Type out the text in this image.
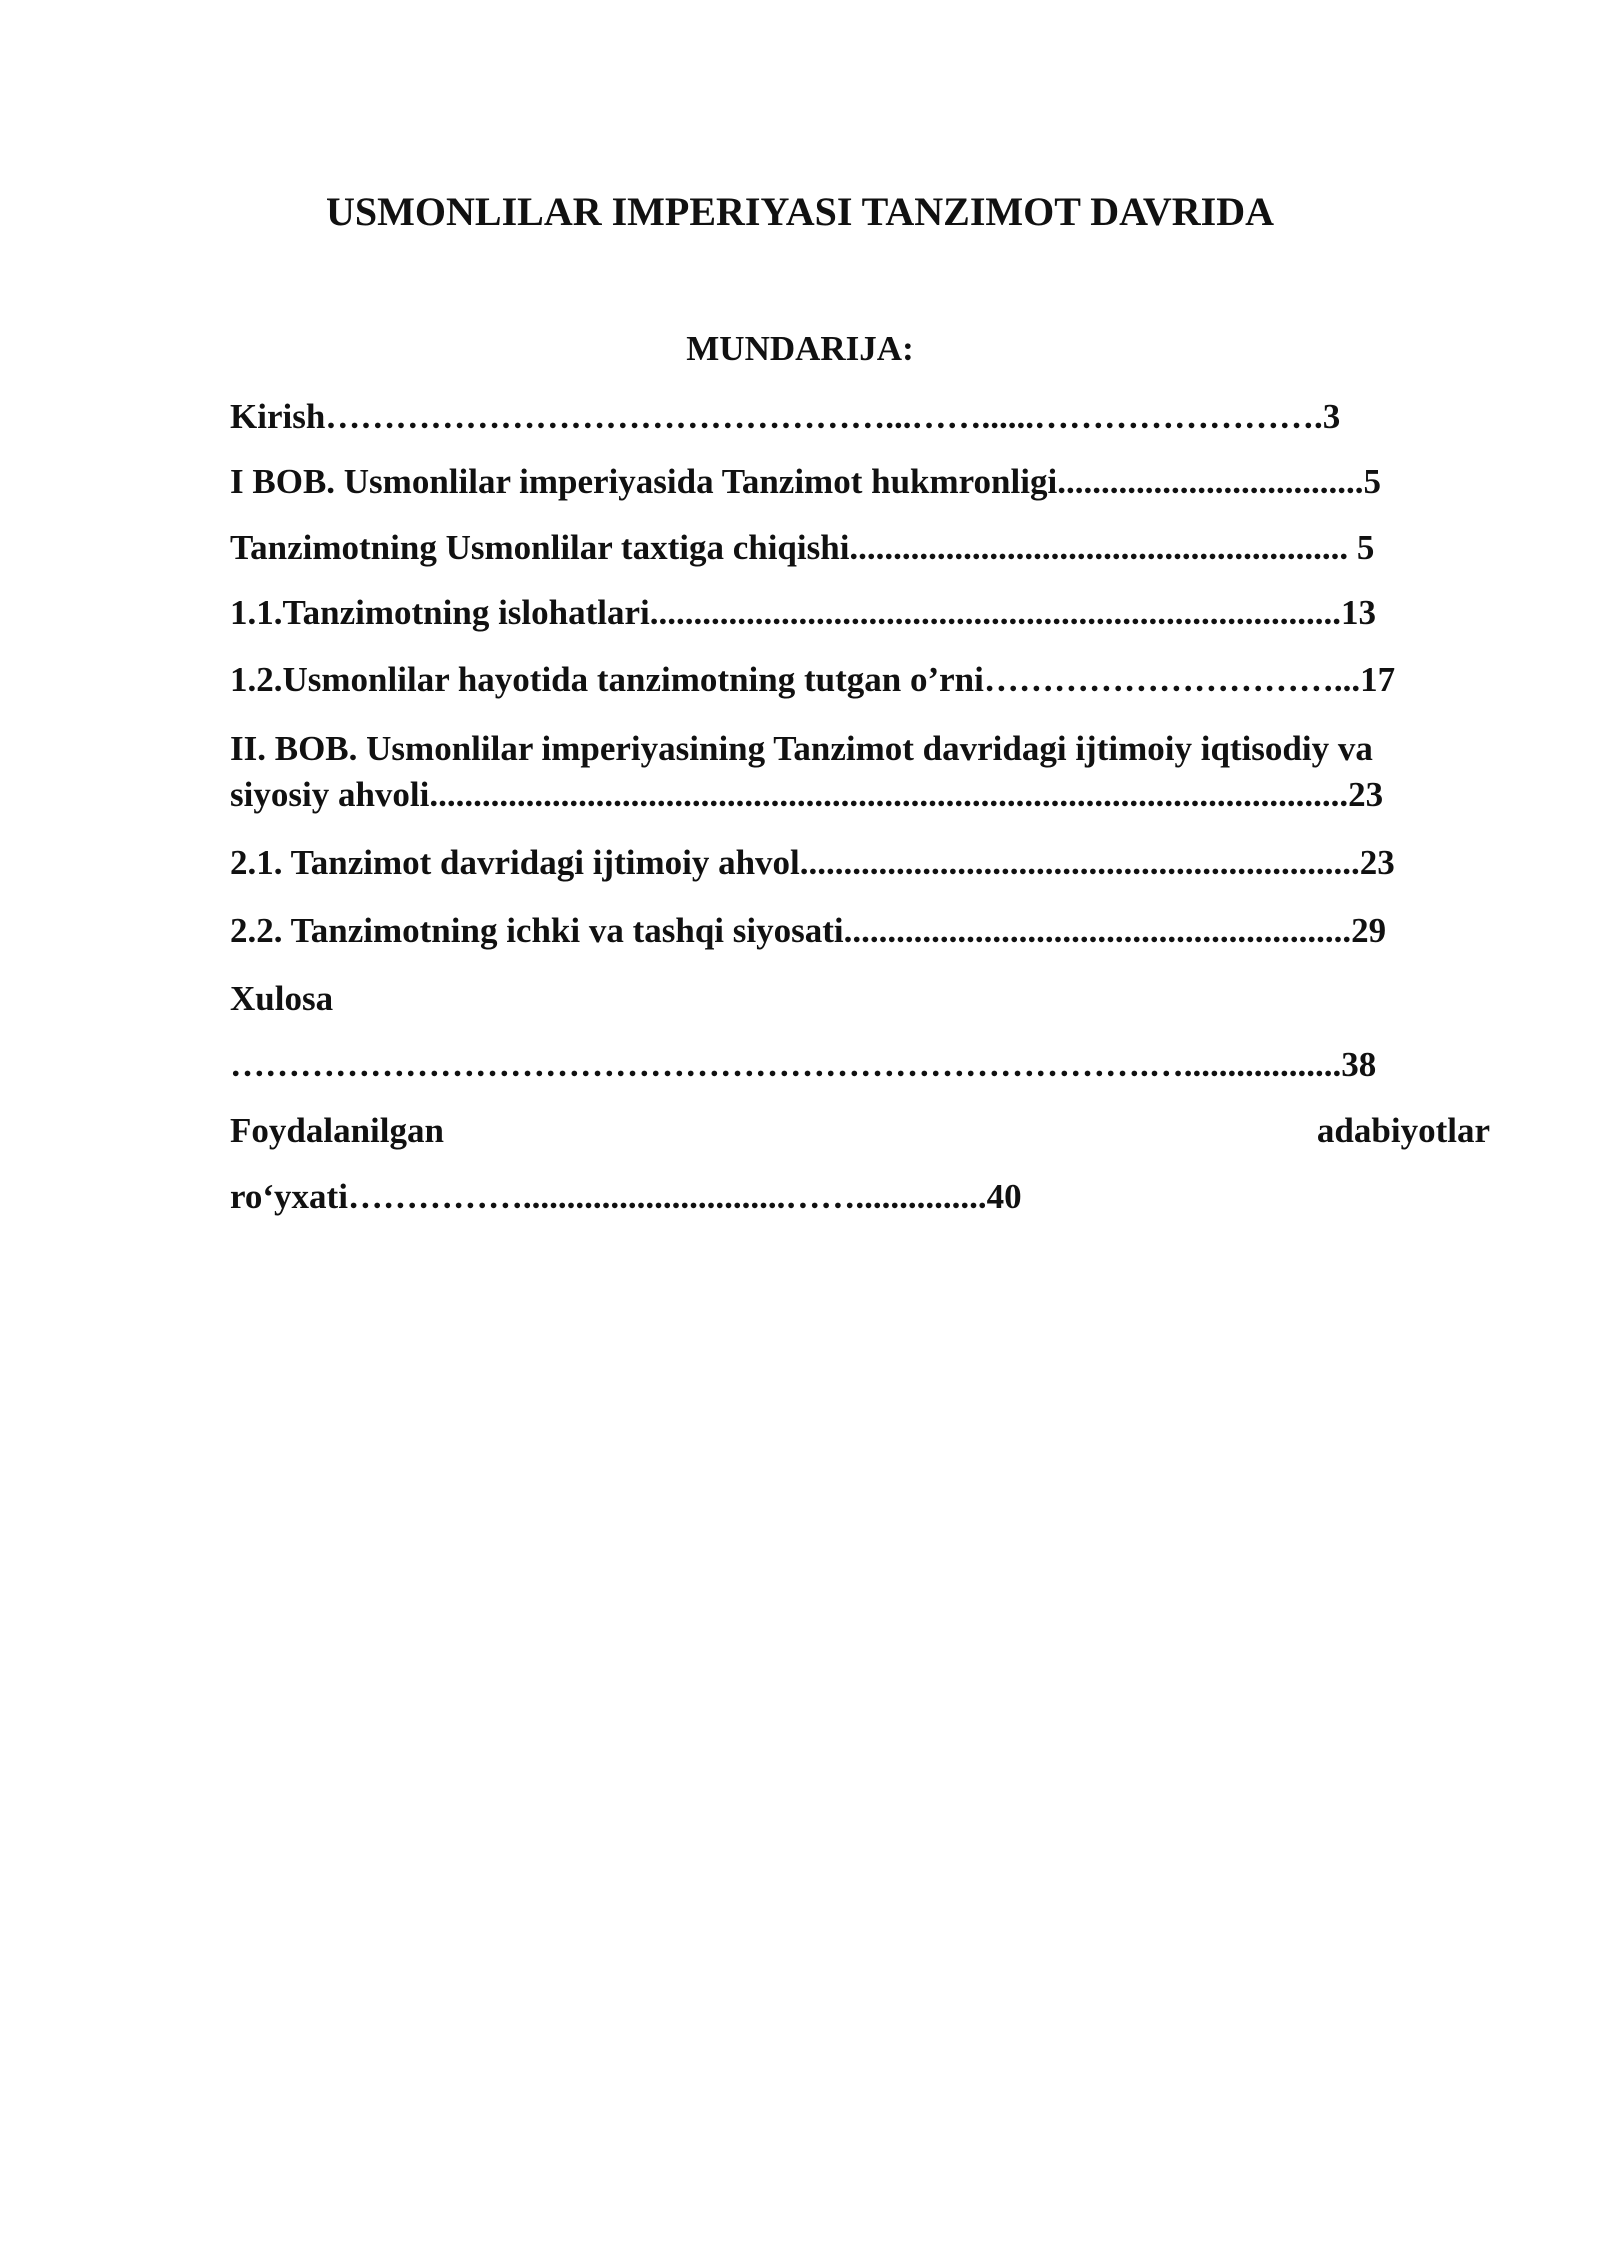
USMONLILAR IMPERIYASI TANZIMOT DAVRIDA
MUNDARIJA:
Kirish…………………………………………...……......…………………….3
I BOB. Usmonlilar imperiyasida Tanzimot hukmronligi...................................5
Tanzimotning Usmonlilar taxtiga chiqishi......................................................... 5
1.1.Tanzimotning islohatlari...............................................................................13
1.2.Usmonlilar hayotida tanzimotning tutgan o’rni…………………………...17
II. BOB. Usmonlilar imperiyasining Tanzimot davridagi ijtimoiy iqtisodiy va
siyosiy ahvoli.........................................................................................................23
2.1. Tanzimot davridagi ijtimoiy ahvol................................................................23
2.2. Tanzimotning ichki va tashqi siyosati..........................................................29
Xulosa
…………………………………………………………………….…..................38
Foydalanilgan	adabiyotlar
ro‘yxati……………..............................……...............40
